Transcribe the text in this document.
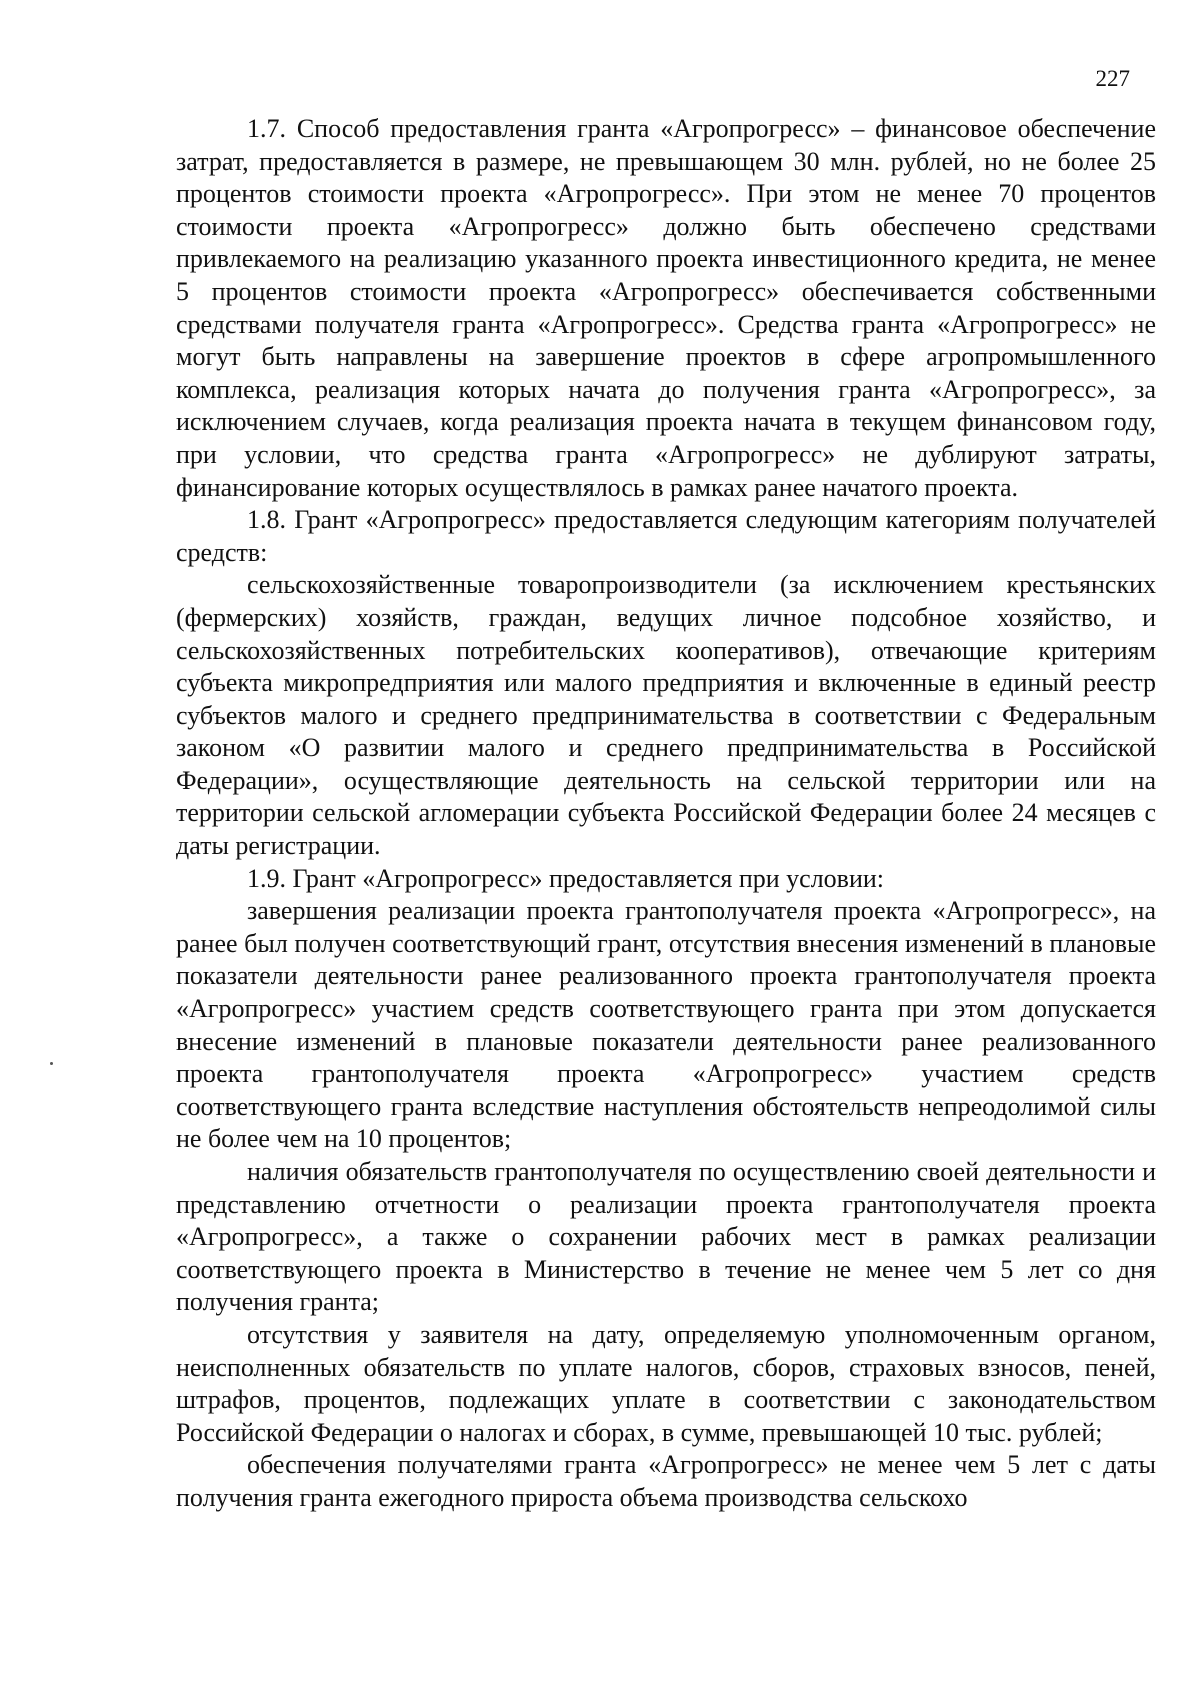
227

1.7. Способ предоставления гранта «Агропрогресс» – финансовое обеспечение затрат, предоставляется в размере, не превышающем 30 млн. рублей, но не более 25 процентов стоимости проекта «Агропрогресс». При этом не менее 70 процентов стоимости проекта «Агропрогресс» должно быть обеспечено средствами привлекаемого на реализацию указанного проекта инвестиционного кредита, не менее 5 процентов стоимости проекта «Агропрогресс» обеспечивается собственными средствами получателя гранта «Агропрогресс». Средства гранта «Агропрогресс» не могут быть направлены на завершение проектов в сфере агропромышленного комплекса, реализация которых начата до получения гранта «Агропрогресс», за исключением случаев, когда реализация проекта начата в текущем финансовом году, при условии, что средства гранта «Агропрогресс» не дублируют затраты, финансирование которых осуществлялось в рамках ранее начатого проекта.

1.8. Грант «Агропрогресс» предоставляется следующим категориям получателей средств:

сельскохозяйственные товаропроизводители (за исключением крестьянских (фермерских) хозяйств, граждан, ведущих личное подсобное хозяйство, и сельскохозяйственных потребительских кооперативов), отвечающие критериям субъекта микропредприятия или малого предприятия и включенные в единый реестр субъектов малого и среднего предпринимательства в соответствии с Федеральным законом «О развитии малого и среднего предпринимательства в Российской Федерации», осуществляющие деятельность на сельской территории или на территории сельской агломерации субъекта Российской Федерации более 24 месяцев с даты регистрации.

1.9. Грант «Агропрогресс» предоставляется при условии:

завершения реализации проекта грантополучателя проекта «Агропрогресс», на ранее был получен соответствующий грант, отсутствия внесения изменений в плановые показатели деятельности ранее реализованного проекта грантополучателя проекта «Агропрогресс» участием средств соответствующего гранта при этом допускается внесение изменений в плановые показатели деятельности ранее реализованного проекта грантополучателя проекта «Агропрогресс» участием средств соответствующего гранта вследствие наступления обстоятельств непреодолимой силы не более чем на 10 процентов;

наличия обязательств грантополучателя по осуществлению своей деятельности и представлению отчетности о реализации проекта грантополучателя проекта «Агропрогресс», а также о сохранении рабочих мест в рамках реализации соответствующего проекта в Министерство в течение не менее чем 5 лет со дня получения гранта;

отсутствия у заявителя на дату, определяемую уполномоченным органом, неисполненных обязательств по уплате налогов, сборов, страховых взносов, пеней, штрафов, процентов, подлежащих уплате в соответствии с законодательством Российской Федерации о налогах и сборах, в сумме, превышающей 10 тыс. рублей;

обеспечения получателями гранта «Агропрогресс» не менее чем 5 лет с даты получения гранта ежегодного прироста объема производства сельскохо
